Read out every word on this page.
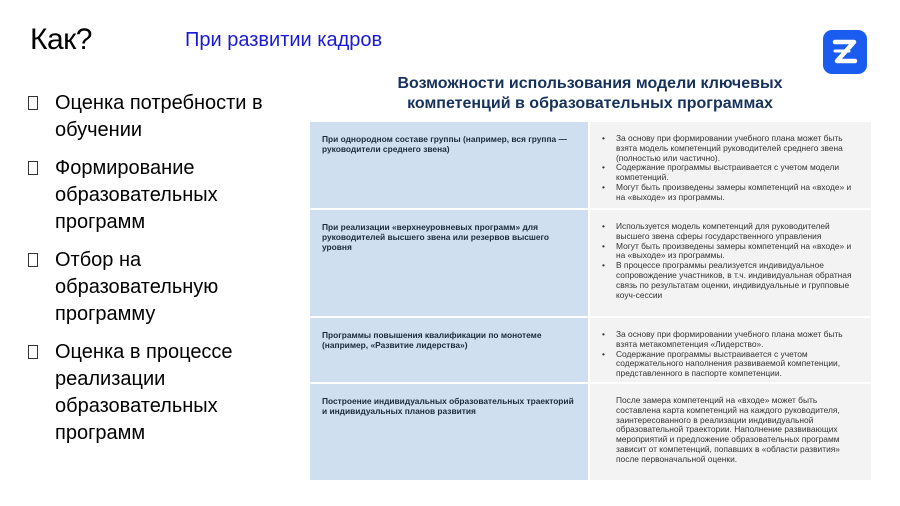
Как?	При развитии кадров
Оценка потребности в обучении
Формирование образовательных программ
Отбор на образовательную программу
Оценка в процессе реализации образовательных программ
Возможности использования модели ключевых
компетенций в образовательных программах
При однородном составе группы (например, вся группа — руководители среднего звена)
• За основу при формировании учебного плана может быть взята модель компетенций руководителей среднего звена (полностью или частично).
• Содержание программы выстраивается с учетом модели компетенций.
• Могут быть произведены замеры компетенций на «входе» и на «выходе» из программы.
При реализации «верхнеуровневых программ» для руководителей высшего звена или резервов высшего уровня
• Используется модель компетенций для руководителей высшего звена сферы государственного управления
• Могут быть произведены замеры компетенций на «входе» и на «выходе» из программы.
• В процессе программы реализуется индивидуальное сопровождение участников, в т.ч. индивидуальная обратная связь по результатам оценки, индивидуальные и групповые коуч-сессии
Программы повышения квалификации по монотеме (например, «Развитие лидерства»)
• За основу при формировании учебного плана может быть взята метакомпетенция «Лидерство».
• Содержание программы выстраивается с учетом содержательного наполнения развиваемой компетенции, представленного в паспорте компетенции.
Построение индивидуальных образовательных траекторий и индивидуальных планов развития

После замера компетенций на «входе» может быть составлена карта компетенций на каждого руководителя, заинтересованного в реализации индивидуальной образовательной траектории. Наполнение развивающих мероприятий и предложение образовательных программ зависит от компетенций, попавших в «области развития» после первоначальной оценки.
